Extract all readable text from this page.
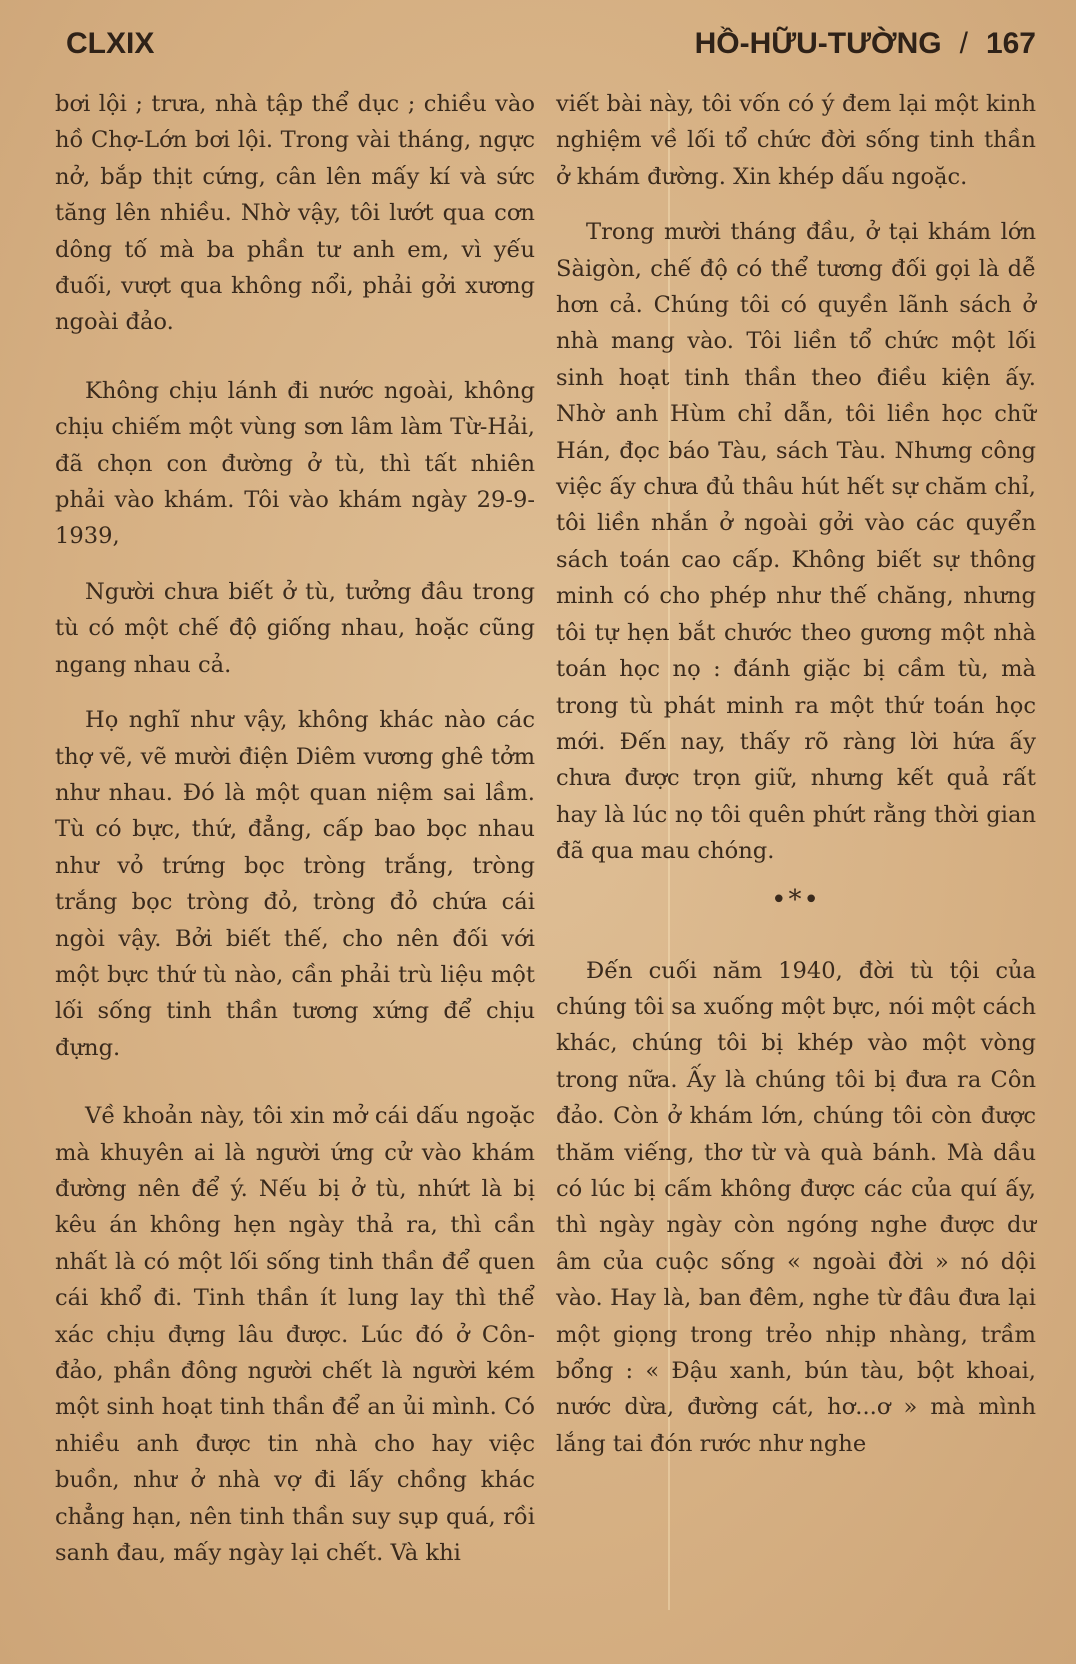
CLXIX	HỒ-HỮU-TƯỜNG / 167

bơi lội ; trưa, nhà tập thể dục ; chiều vào hồ Chợ-Lớn bơi lội. Trong vài tháng, ngực nở, bắp thịt cứng, cân lên mấy kí và sức tăng lên nhiều. Nhờ vậy, tôi lướt qua cơn dông tố mà ba phần tư anh em, vì yếu đuối, vượt qua không nổi, phải gởi xương ngoài đảo.

Không chịu lánh đi nước ngoài, không chịu chiếm một vùng sơn lâm làm Từ-Hải, đã chọn con đường ở tù, thì tất nhiên phải vào khám. Tôi vào khám ngày 29-9-1939,

Người chưa biết ở tù, tưởng đâu trong tù có một chế độ giống nhau, hoặc cũng ngang nhau cả.

Họ nghĩ như vậy, không khác nào các thợ vẽ, vẽ mười điện Diêm vương ghê tởm như nhau. Đó là một quan niệm sai lầm. Tù có bực, thứ, đẳng, cấp bao bọc nhau như vỏ trứng bọc tròng trắng, tròng trắng bọc tròng đỏ, tròng đỏ chứa cái ngòi vậy. Bởi biết thế, cho nên đối với một bực thứ tù nào, cần phải trù liệu một lối sống tinh thần tương xứng để chịu đựng.

Về khoản này, tôi xin mở cái dấu ngoặc mà khuyên ai là người ứng cử vào khám đường nên để ý. Nếu bị ở tù, nhứt là bị kêu án không hẹn ngày thả ra, thì cần nhất là có một lối sống tinh thần để quen cái khổ đi. Tinh thần ít lung lay thì thể xác chịu đựng lâu được. Lúc đó ở Côn-đảo, phần đông người chết là người kém một sinh hoạt tinh thần để an ủi mình. Có nhiều anh được tin nhà cho hay việc buồn, như ở nhà vợ đi lấy chồng khác chẳng hạn, nên tinh thần suy sụp quá, rồi sanh đau, mấy ngày lại chết. Và khi

viết bài này, tôi vốn có ý đem lại một kinh nghiệm về lối tổ chức đời sống tinh thần ở khám đường. Xin khép dấu ngoặc.

Trong mười tháng đầu, ở tại khám lớn Sàigòn, chế độ có thể tương đối gọi là dễ hơn cả. Chúng tôi có quyền lãnh sách ở nhà mang vào. Tôi liền tổ chức một lối sinh hoạt tinh thần theo điều kiện ấy. Nhờ anh Hùm chỉ dẫn, tôi liền học chữ Hán, đọc báo Tàu, sách Tàu. Nhưng công việc ấy chưa đủ thâu hút hết sự chăm chỉ, tôi liền nhắn ở ngoài gởi vào các quyển sách toán cao cấp. Không biết sự thông minh có cho phép như thế chăng, nhưng tôi tự hẹn bắt chước theo gương một nhà toán học nọ : đánh giặc bị cầm tù, mà trong tù phát minh ra một thứ toán học mới. Đến nay, thấy rõ ràng lời hứa ấy chưa được trọn giữ, nhưng kết quả rất hay là lúc nọ tôi quên phứt rằng thời gian đã qua mau chóng.

•*•

Đến cuối năm 1940, đời tù tội của chúng tôi sa xuống một bực, nói một cách khác, chúng tôi bị khép vào một vòng trong nữa. Ấy là chúng tôi bị đưa ra Côn đảo. Còn ở khám lớn, chúng tôi còn được thăm viếng, thơ từ và quà bánh. Mà dầu có lúc bị cấm không được các của quí ấy, thì ngày ngày còn ngóng nghe được dư âm của cuộc sống « ngoài đời » nó dội vào. Hay là, ban đêm, nghe từ đâu đưa lại một giọng trong trẻo nhịp nhàng, trầm bổng : « Đậu xanh, bún tàu, bột khoai, nước dừa, đường cát, hơ...ơ » mà mình lắng tai đón rước như nghe
